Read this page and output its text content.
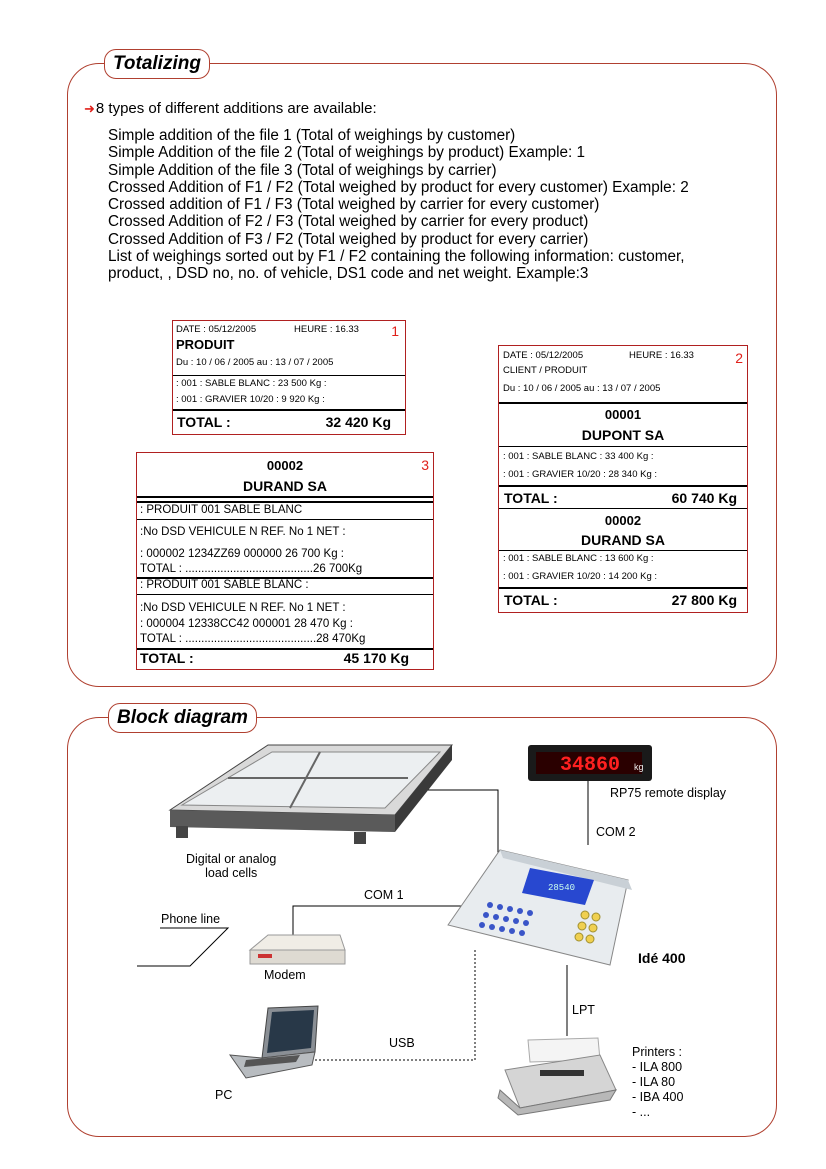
Totalizing
➜8 types of different additions are available:
Simple addition of the file 1 (Total of weighings by customer)
Simple Addition of the file 2 (Total of weighings by product) Example: 1
Simple Addition of the file 3 (Total of weighings by carrier)
Crossed Addition of F1 / F2 (Total weighed by product for every customer) Example: 2
Crossed addition of F1 / F3 (Total weighed by carrier for every customer)
Crossed Addition of F2 / F3 (Total weighed by carrier for every product)
Crossed Addition of F3 / F2 (Total weighed by product for every carrier)
List of weighings sorted out by F1 / F2 containing the following information: customer,
product, , DSD no, no. of vehicle, DS1 code and net weight. Example:3
1
DATE : 05/12/2005	HEURE : 16.33
PRODUIT
Du : 10 / 06 / 2005 au : 13 / 07 / 2005
: 001 : SABLE BLANC : 23 500 Kg :
: 001 : GRAVIER 10/20 : 9 920 Kg :
TOTAL :	32 420 Kg
2
DATE : 05/12/2005	HEURE : 16.33
CLIENT / PRODUIT
Du : 10 / 06 / 2005 au : 13 / 07 / 2005
00001
DUPONT SA
: 001 : SABLE BLANC : 33 400 Kg :
: 001 : GRAVIER 10/20 : 28 340 Kg :
TOTAL :	60 740 Kg
00002
DURAND SA
: 001 : SABLE BLANC : 13 600 Kg :
: 001 : GRAVIER 10/20 : 14 200 Kg :
TOTAL :	27 800 Kg
3
00002
DURAND SA
: PRODUIT 001 SABLE BLANC
:No DSD VEHICULE N REF. No 1 NET :
: 000002 1234ZZ69 000000 26 700 Kg :
TOTAL : ........................................26 700Kg
: PRODUIT 001 SABLE BLANC :
:No DSD VEHICULE N REF. No 1 NET :
: 000004 12338CC42 000001 28 470 Kg :
TOTAL : .........................................28 470Kg
TOTAL :	45 170 Kg
Block diagram
34860 kg
28540
RP75 remote display
COM 2
Digital or analog
load cells
COM 1
Phone line
Modem
Idé 400
LPT
USB
PC
Printers :
- ILA 800
- ILA 80
- IBA 400
- ...
